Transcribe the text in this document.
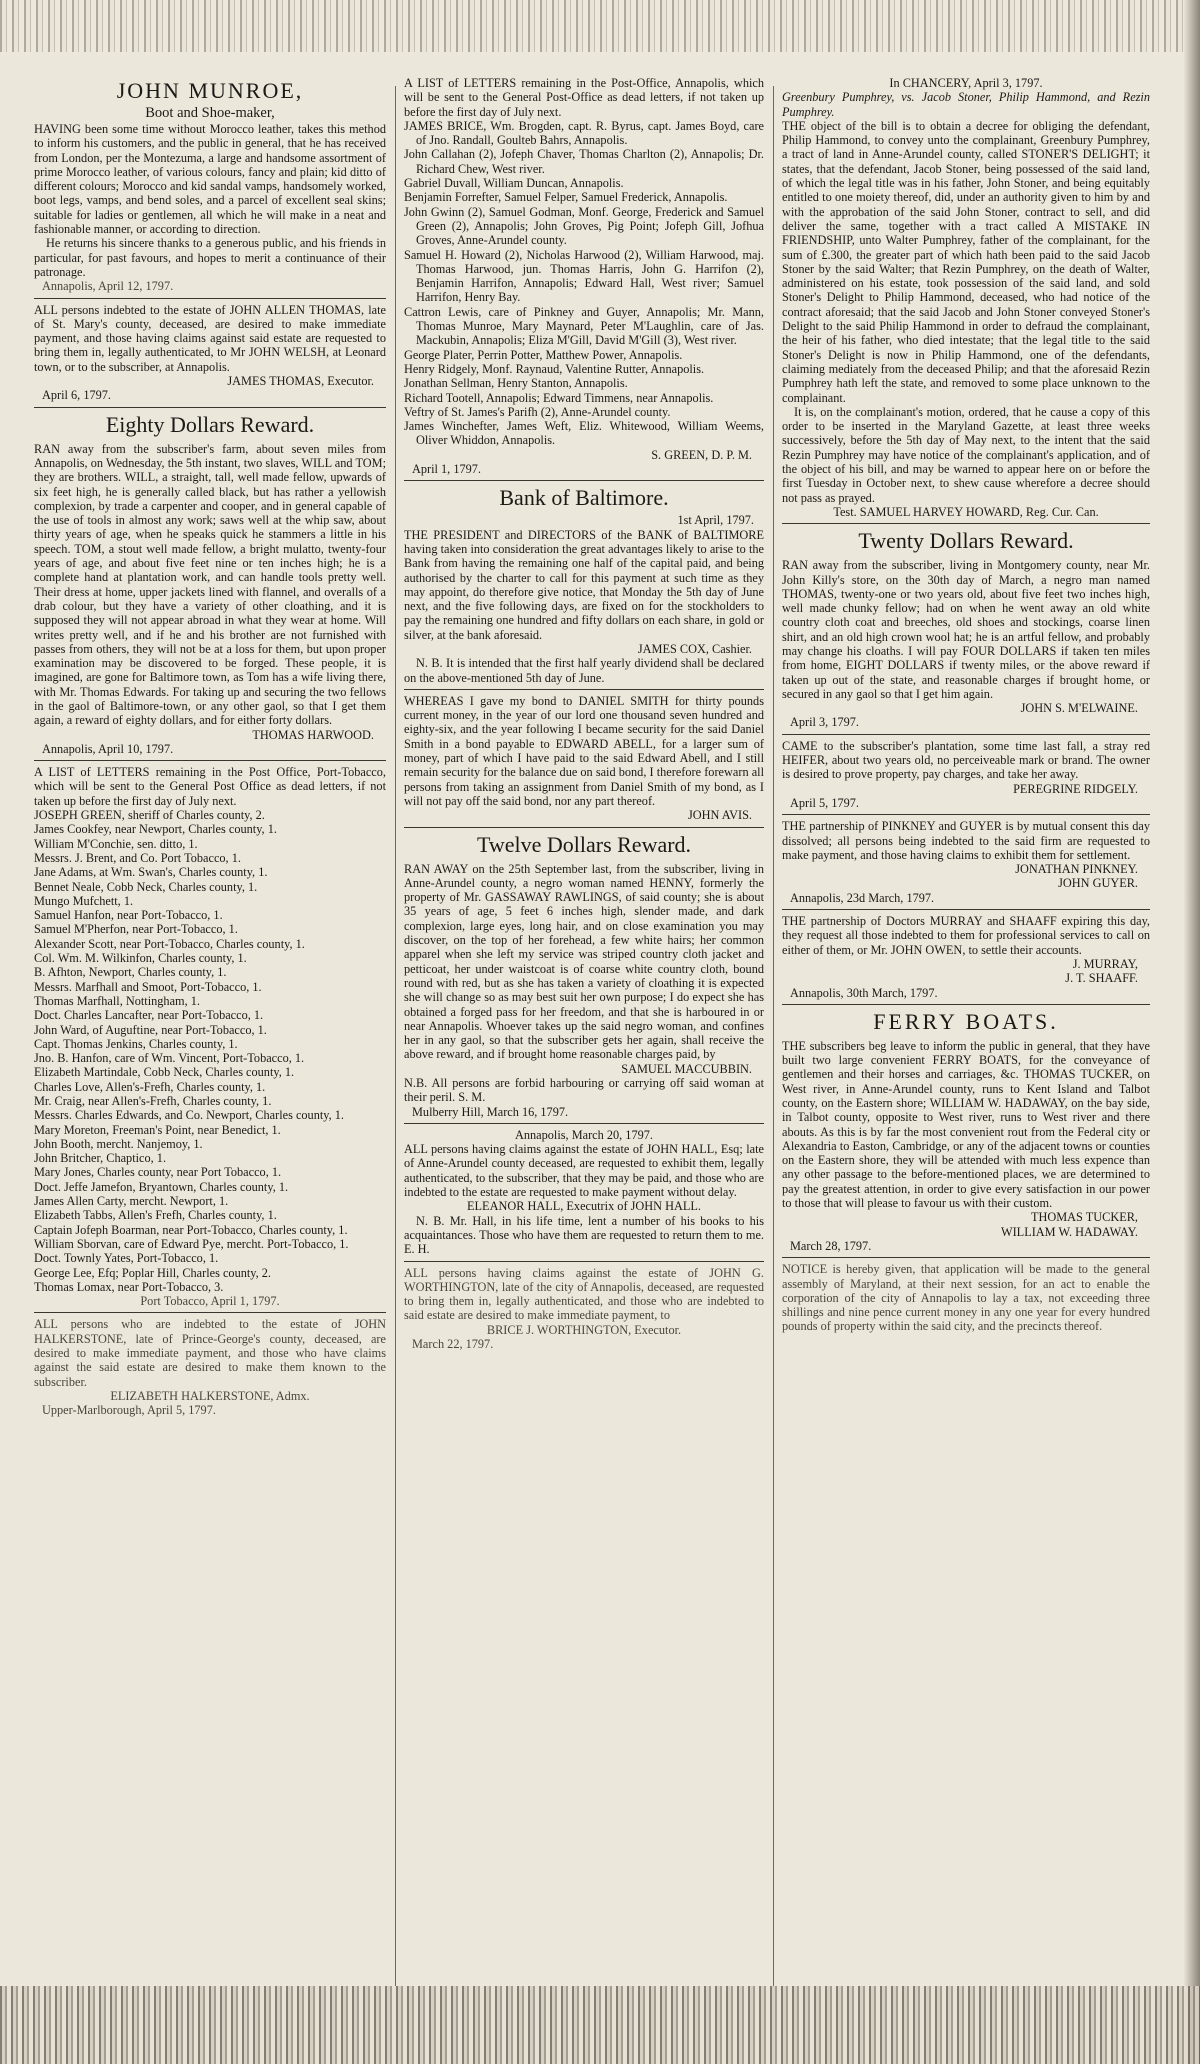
JOHN MUNROE,
Boot and Shoe-maker,

HAVING been some time without Morocco leather, takes this method to inform his customers, and the public in general, that he has received from London, per the Montezuma, a large and handsome assortment of prime Morocco leather, of various colours, fancy and plain; kid ditto of different colours; Morocco and kid sandal vamps, handsomely worked, boot legs, vamps, and bend soles, and a parcel of excellent seal skins; suitable for ladies or gentlemen, all which he will make in a neat and fashionable manner, or according to direction.

He returns his sincere thanks to a generous public, and his friends in particular, for past favours, and hopes to merit a continuance of their patronage.

Annapolis, April 12, 1797.

ALL persons indebted to the estate of JOHN ALLEN THOMAS, late of St. Mary's county, deceased, are desired to make immediate payment, and those having claims against said estate are requested to bring them in, legally authenticated, to Mr JOHN WELSH, at Leonard town, or to the subscriber, at Annapolis.

JAMES THOMAS, Executor.

April 6, 1797.

Eighty Dollars Reward.

RAN away from the subscriber's farm, about seven miles from Annapolis, on Wednesday, the 5th instant, two slaves, WILL and TOM; they are brothers. WILL, a straight, tall, well made fellow, upwards of six feet high, he is generally called black, but has rather a yellowish complexion, by trade a carpenter and cooper, and in general capable of the use of tools in almost any work; saws well at the whip saw, about thirty years of age, when he speaks quick he stammers a little in his speech. TOM, a stout well made fellow, a bright mulatto, twenty-four years of age, and about five feet nine or ten inches high; he is a complete hand at plantation work, and can handle tools pretty well. Their dress at home, upper jackets lined with flannel, and overalls of a drab colour, but they have a variety of other cloathing, and it is supposed they will not appear abroad in what they wear at home. Will writes pretty well, and if he and his brother are not furnished with passes from others, they will not be at a loss for them, but upon proper examination may be discovered to be forged. These people, it is imagined, are gone for Baltimore town, as Tom has a wife living there, with Mr. Thomas Edwards. For taking up and securing the two fellows in the gaol of Baltimore-town, or any other gaol, so that I get them again, a reward of eighty dollars, and for either forty dollars.

THOMAS HARWOOD.

Annapolis, April 10, 1797.

A LIST of LETTERS remaining in the Post Office, Port-Tobacco, which will be sent to the General Post Office as dead letters, if not taken up before the first day of July next.

JOSEPH GREEN, sheriff of Charles county, 2.
James Cookfey, near Newport, Charles county, 1.
William M'Conchie, sen. ditto, 1.
Messrs. J. Brent, and Co. Port Tobacco, 1.
Jane Adams, at Wm. Swan's, Charles county, 1.
Bennet Neale, Cobb Neck, Charles county, 1.
Mungo Mufchett, 1.
Samuel Hanfon, near Port-Tobacco, 1.
Samuel M'Pherfon, near Port-Tobacco, 1.
Alexander Scott, near Port-Tobacco, Charles county, 1.
Col. Wm. M. Wilkinfon, Charles county, 1.
B. Afhton, Newport, Charles county, 1.
Messrs. Marfhall and Smoot, Port-Tobacco, 1.
Thomas Marfhall, Nottingham, 1.
Doct. Charles Lancafter, near Port-Tobacco, 1.
John Ward, of Auguftine, near Port-Tobacco, 1.
Capt. Thomas Jenkins, Charles county, 1.
Jno. B. Hanfon, care of Wm. Vincent, Port-Tobacco, 1.
Elizabeth Martindale, Cobb Neck, Charles county, 1.
Charles Love, Allen's-Frefh, Charles county, 1.
Mr. Craig, near Allen's-Frefh, Charles county, 1.
Messrs. Charles Edwards, and Co. Newport, Charles county, 1.
Mary Moreton, Freeman's Point, near Benedict, 1.
John Booth, mercht. Nanjemoy, 1.
John Britcher, Chaptico, 1.
Mary Jones, Charles county, near Port Tobacco, 1.
Doct. Jeffe Jamefon, Bryantown, Charles county, 1.
James Allen Carty, mercht. Newport, 1.
Elizabeth Tabbs, Allen's Frefh, Charles county, 1.
Captain Jofeph Boarman, near Port-Tobacco, Charles county, 1.
William Sborvan, care of Edward Pye, mercht. Port-Tobacco, 1.
Doct. Townly Yates, Port-Tobacco, 1.
George Lee, Efq; Poplar Hill, Charles county, 2.
Thomas Lomax, near Port-Tobacco, 3.

Port Tobacco, April 1, 1797.

ALL persons who are indebted to the estate of JOHN HALKERSTONE, late of Prince-George's county, deceased, are desired to make immediate payment, and those who have claims against the said estate are desired to make them known to the subscriber.

ELIZABETH HALKERSTONE, Admx.

Upper-Marlborough, April 5, 1797.

A LIST of LETTERS remaining in the Post-Office, Annapolis, which will be sent to the General Post-Office as dead letters, if not taken up before the first day of July next.

JAMES BRICE, Wm. Brogden, capt. R. Byrus, capt. James Boyd, care of Jno. Randall, Goulteb Bahrs, Annapolis.
John Callahan (2), Jofeph Chaver, Thomas Charlton (2), Annapolis; Dr. Richard Chew, West river.
Gabriel Duvall, William Duncan, Annapolis.
Benjamin Forrefter, Samuel Felper, Samuel Frederick, Annapolis.
John Gwinn (2), Samuel Godman, Monf. George, Frederick and Samuel Green (2), Annapolis; John Groves, Pig Point; Jofeph Gill, Jofhua Groves, Anne-Arundel county.
Samuel H. Howard (2), Nicholas Harwood (2), William Harwood, maj. Thomas Harwood, jun. Thomas Harris, John G. Harrifon (2), Benjamin Harrifon, Annapolis; Edward Hall, West river; Samuel Harrifon, Henry Bay.
Cattron Lewis, care of Pinkney and Guyer, Annapolis; Mr. Mann, Thomas Munroe, Mary Maynard, Peter M'Laughlin, care of Jas. Mackubin, Annapolis; Eliza M'Gill, David M'Gill (3), West river.
George Plater, Perrin Potter, Matthew Power, Annapolis.
Henry Ridgely, Monf. Raynaud, Valentine Rutter, Annapolis.
Jonathan Sellman, Henry Stanton, Annapolis.
Richard Tootell, Annapolis; Edward Timmens, near Annapolis.
Veftry of St. James's Parifh (2), Anne-Arundel county.
James Winchefter, James Weft, Eliz. Whitewood, William Weems, Oliver Whiddon, Annapolis.

S. GREEN, D. P. M.

April 1, 1797.

Bank of Baltimore.

1st April, 1797.

THE PRESIDENT and DIRECTORS of the BANK of BALTIMORE having taken into consideration the great advantages likely to arise to the Bank from having the remaining one half of the capital paid, and being authorised by the charter to call for this payment at such time as they may appoint, do therefore give notice, that Monday the 5th day of June next, and the five following days, are fixed on for the stockholders to pay the remaining one hundred and fifty dollars on each share, in gold or silver, at the bank aforesaid.

JAMES COX, Cashier.

N. B. It is intended that the first half yearly dividend shall be declared on the above-mentioned 5th day of June.

WHEREAS I gave my bond to DANIEL SMITH for thirty pounds current money, in the year of our lord one thousand seven hundred and eighty-six, and the year following I became security for the said Daniel Smith in a bond payable to EDWARD ABELL, for a larger sum of money, part of which I have paid to the said Edward Abell, and I still remain security for the balance due on said bond, I therefore forewarn all persons from taking an assignment from Daniel Smith of my bond, as I will not pay off the said bond, nor any part thereof.

JOHN AVIS.

Twelve Dollars Reward.

RAN AWAY on the 25th September last, from the subscriber, living in Anne-Arundel county, a negro woman named HENNY, formerly the property of Mr. GASSAWAY RAWLINGS, of said county; she is about 35 years of age, 5 feet 6 inches high, slender made, and dark complexion, large eyes, long hair, and on close examination you may discover, on the top of her forehead, a few white hairs; her common apparel when she left my service was striped country cloth jacket and petticoat, her under waistcoat is of coarse white country cloth, bound round with red, but as she has taken a variety of cloathing it is expected she will change so as may best suit her own purpose; I do expect she has obtained a forged pass for her freedom, and that she is harboured in or near Annapolis. Whoever takes up the said negro woman, and confines her in any gaol, so that the subscriber gets her again, shall receive the above reward, and if brought home reasonable charges paid, by

SAMUEL MACCUBBIN.

N.B. All persons are forbid harbouring or carrying off said woman at their peril. S. M.

Mulberry Hill, March 16, 1797.

Annapolis, March 20, 1797.

ALL persons having claims against the estate of JOHN HALL, Esq; late of Anne-Arundel county deceased, are requested to exhibit them, legally authenticated, to the subscriber, that they may be paid, and those who are indebted to the estate are requested to make payment without delay.

ELEANOR HALL, Executrix of JOHN HALL.

N. B. Mr. Hall, in his life time, lent a number of his books to his acquaintances. Those who have them are requested to return them to me. E. H.

ALL persons having claims against the estate of JOHN G. WORTHINGTON, late of the city of Annapolis, deceased, are requested to bring them in, legally authenticated, and those who are indebted to said estate are desired to make immediate payment, to

BRICE J. WORTHINGTON, Executor.

March 22, 1797.

In CHANCERY, April 3, 1797.

Greenbury Pumphrey, vs. Jacob Stoner, Philip Hammond, and Rezin Pumphrey.

THE object of the bill is to obtain a decree for obliging the defendant, Philip Hammond, to convey unto the complainant, Greenbury Pumphrey, a tract of land in Anne-Arundel county, called STONER'S DELIGHT; it states, that the defendant, Jacob Stoner, being possessed of the said land, of which the legal title was in his father, John Stoner, and being equitably entitled to one moiety thereof, did, under an authority given to him by and with the approbation of the said John Stoner, contract to sell, and did deliver the same, together with a tract called A MISTAKE IN FRIENDSHIP, unto Walter Pumphrey, father of the complainant, for the sum of £.300, the greater part of which hath been paid to the said Jacob Stoner by the said Walter; that Rezin Pumphrey, on the death of Walter, administered on his estate, took possession of the said land, and sold Stoner's Delight to Philip Hammond, deceased, who had notice of the contract aforesaid; that the said Jacob and John Stoner conveyed Stoner's Delight to the said Philip Hammond in order to defraud the complainant, the heir of his father, who died intestate; that the legal title to the said Stoner's Delight is now in Philip Hammond, one of the defendants, claiming mediately from the deceased Philip; and that the aforesaid Rezin Pumphrey hath left the state, and removed to some place unknown to the complainant.

It is, on the complainant's motion, ordered, that he cause a copy of this order to be inserted in the Maryland Gazette, at least three weeks successively, before the 5th day of May next, to the intent that the said Rezin Pumphrey may have notice of the complainant's application, and of the object of his bill, and may be warned to appear here on or before the first Tuesday in October next, to shew cause wherefore a decree should not pass as prayed.

Test. SAMUEL HARVEY HOWARD, Reg. Cur. Can.

Twenty Dollars Reward.

RAN away from the subscriber, living in Montgomery county, near Mr. John Killy's store, on the 30th day of March, a negro man named THOMAS, twenty-one or two years old, about five feet two inches high, well made chunky fellow; had on when he went away an old white country cloth coat and breeches, old shoes and stockings, coarse linen shirt, and an old high crown wool hat; he is an artful fellow, and probably may change his cloaths. I will pay FOUR DOLLARS if taken ten miles from home, EIGHT DOLLARS if twenty miles, or the above reward if taken up out of the state, and reasonable charges if brought home, or secured in any gaol so that I get him again.

JOHN S. M'ELWAINE.

April 3, 1797.

CAME to the subscriber's plantation, some time last fall, a stray red HEIFER, about two years old, no perceiveable mark or brand. The owner is desired to prove property, pay charges, and take her away.

PEREGRINE RIDGELY.

April 5, 1797.

THE partnership of PINKNEY and GUYER is by mutual consent this day dissolved; all persons being indebted to the said firm are requested to make payment, and those having claims to exhibit them for settlement.

JONATHAN PINKNEY.

JOHN GUYER.

Annapolis, 23d March, 1797.

THE partnership of Doctors MURRAY and SHAAFF expiring this day, they request all those indebted to them for professional services to call on either of them, or Mr. JOHN OWEN, to settle their accounts.

J. MURRAY,

J. T. SHAAFF.

Annapolis, 30th March, 1797.

FERRY BOATS.

THE subscribers beg leave to inform the public in general, that they have built two large convenient FERRY BOATS, for the conveyance of gentlemen and their horses and carriages, &c. THOMAS TUCKER, on West river, in Anne-Arundel county, runs to Kent Island and Talbot county, on the Eastern shore; WILLIAM W. HADAWAY, on the bay side, in Talbot county, opposite to West river, runs to West river and there abouts. As this is by far the most convenient rout from the Federal city or Alexandria to Easton, Cambridge, or any of the adjacent towns or counties on the Eastern shore, they will be attended with much less expence than any other passage to the before-mentioned places, we are determined to pay the greatest attention, in order to give every satisfaction in our power to those that will please to favour us with their custom.

THOMAS TUCKER,

WILLIAM W. HADAWAY.

March 28, 1797.

NOTICE is hereby given, that application will be made to the general assembly of Maryland, at their next session, for an act to enable the corporation of the city of Annapolis to lay a tax, not exceeding three shillings and nine pence current money in any one year for every hundred pounds of property within the said city, and the precincts thereof.
